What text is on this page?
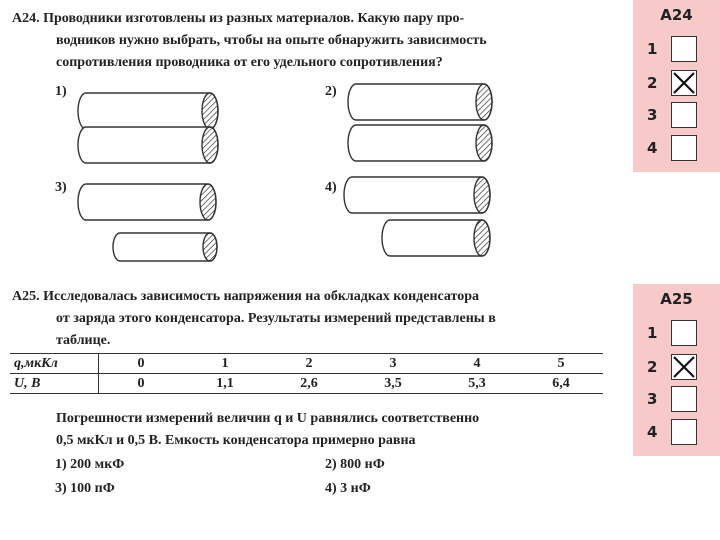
А24. Проводники изготовлены из разных материалов. Какую пару про-
водников нужно выбрать, чтобы на опыте обнаружить зависимость
сопротивления проводника от его удельного сопротивления?
1)	2)
3)	4)
А25. Исследовалась зависимость напряжения на обкладках конденсатора
от заряда этого конденсатора. Результаты измерений представлены в
таблице.
q,мкКл	0	1	2	3	4	5
U, В	0	1,1	2,6	3,5	5,3	6,4
Погрешности измерений величин q и U равнялись соответственно
0,5 мкКл и 0,5 В. Емкость конденсатора примерно равна
1) 200 мкФ	2) 800 нФ
3) 100 пФ	4) 3 нФ
А24
1
2
3
4
А25
1
2
3
4
